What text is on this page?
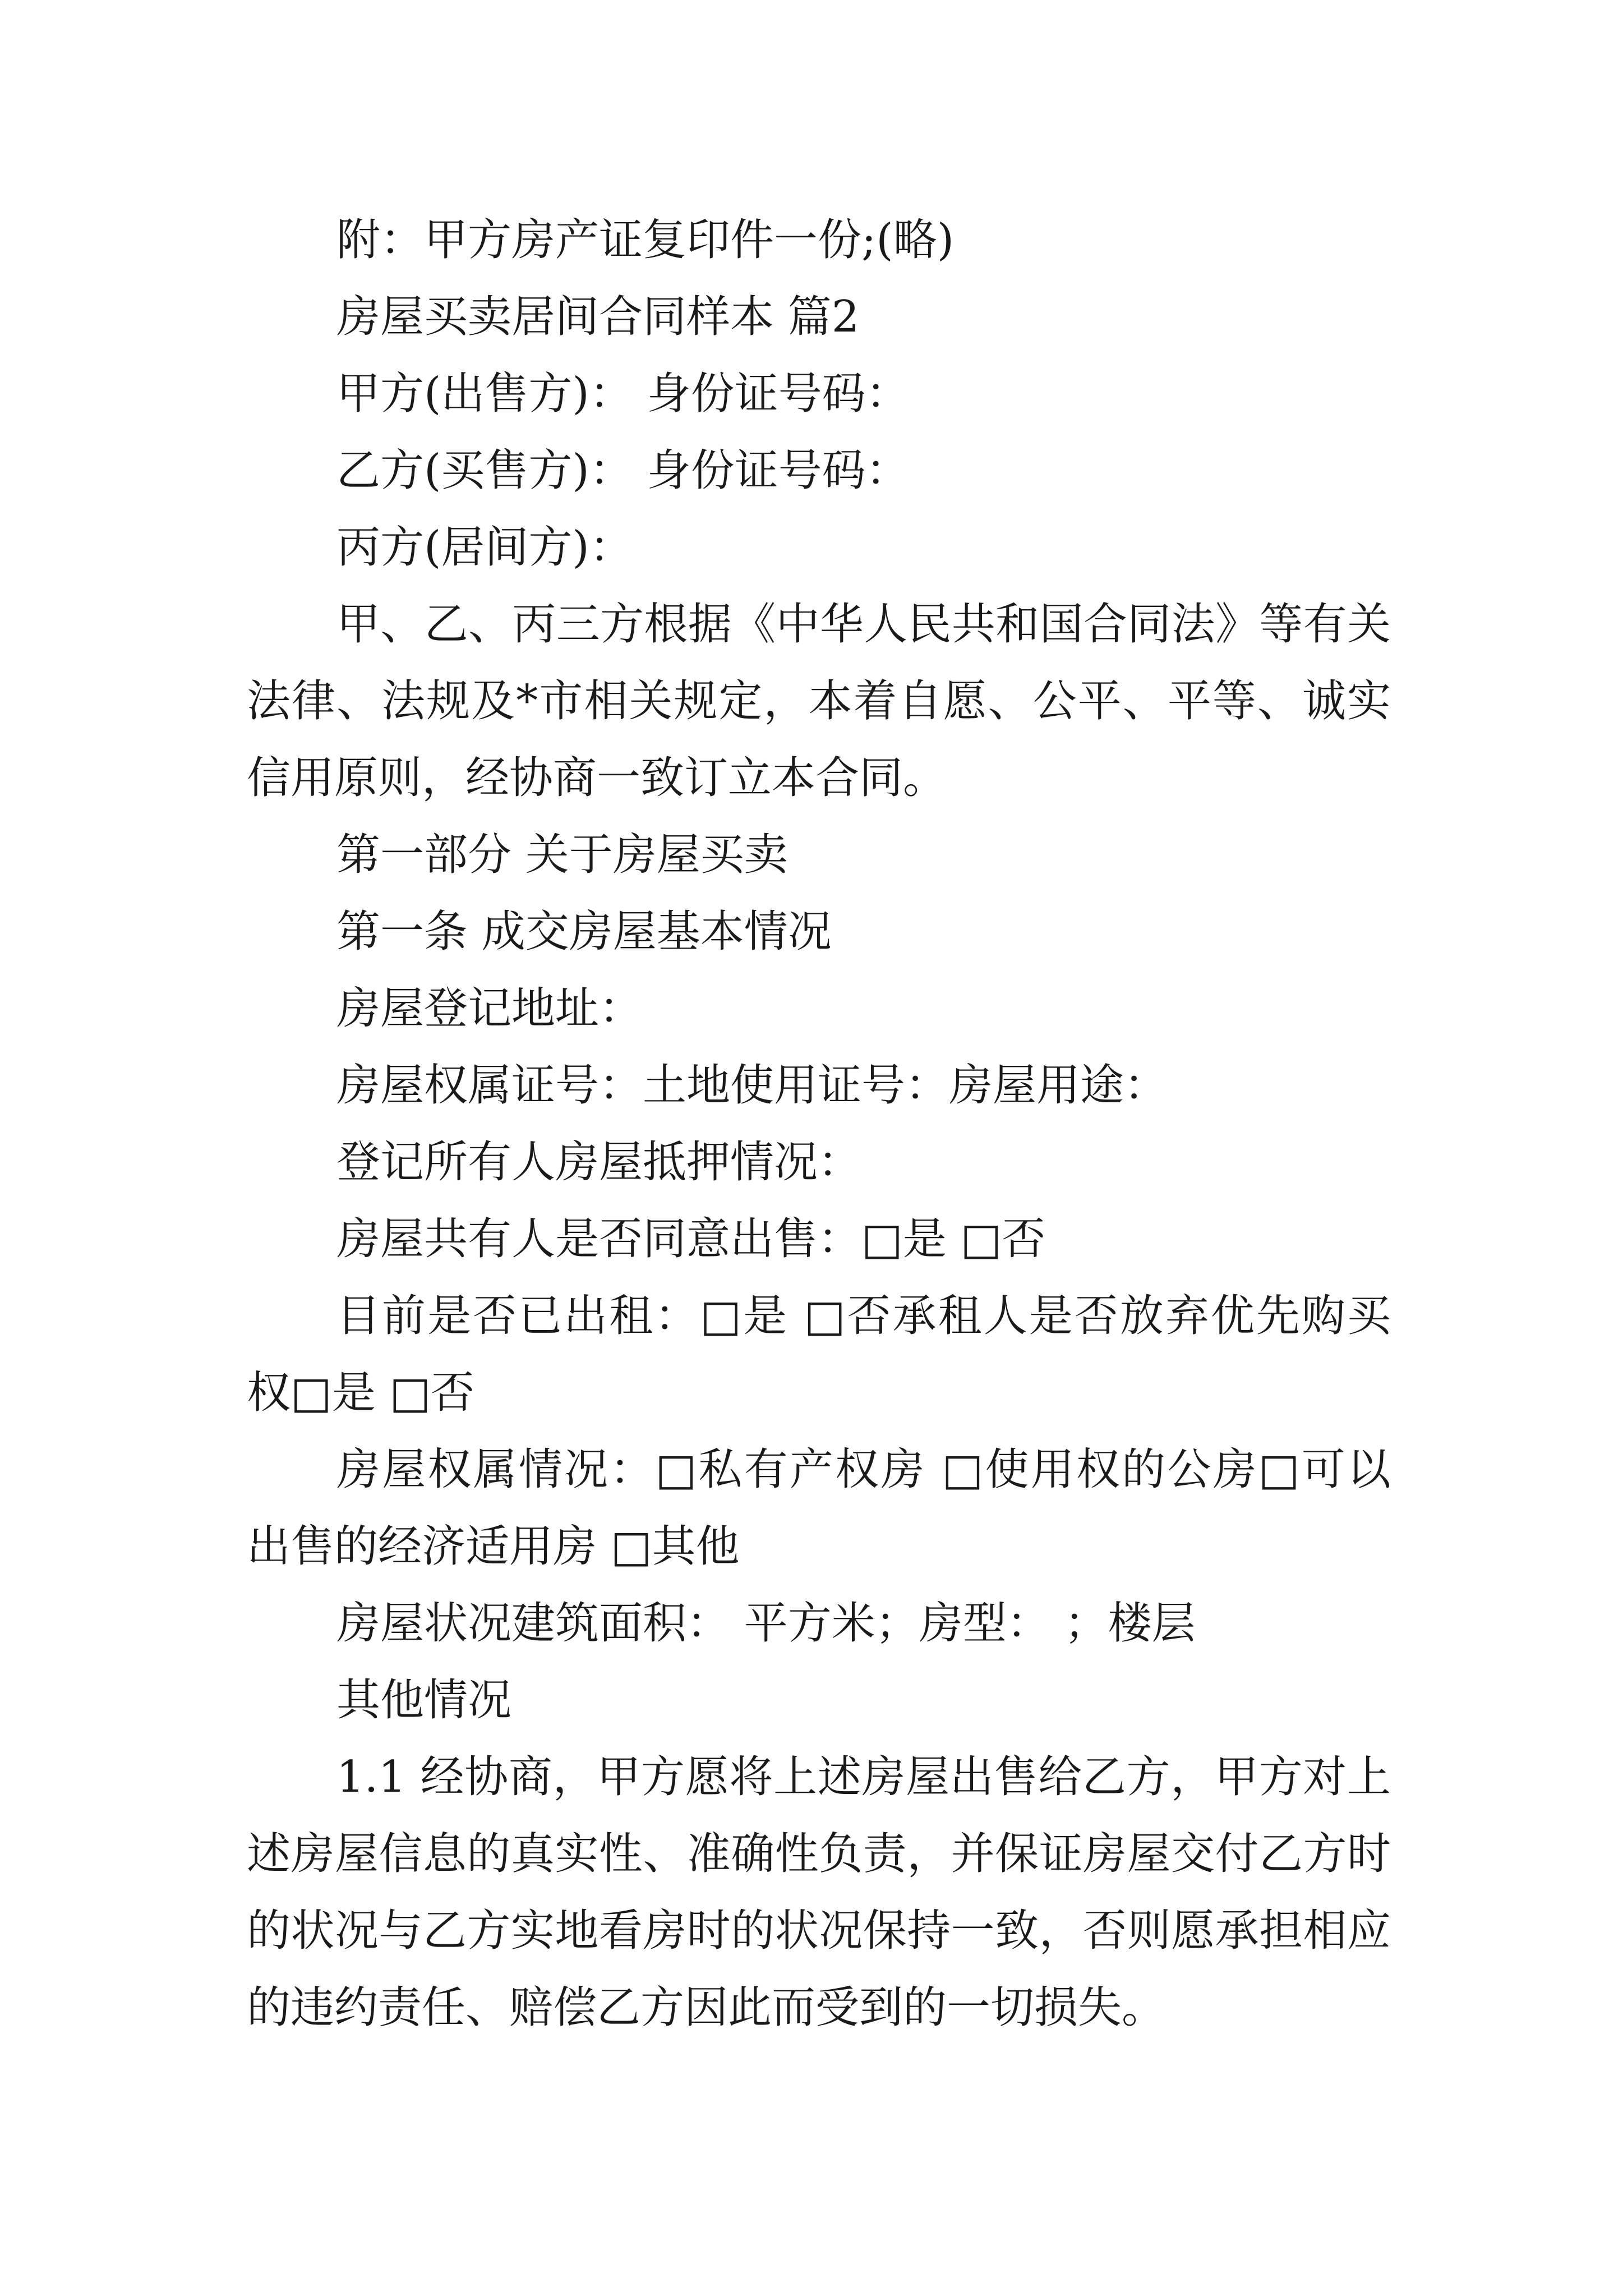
附：甲方房产证复印件一份;(略)

房屋买卖居间合同样本 篇2

甲方(出售方)： 身份证号码：

乙方(买售方)： 身份证号码：

丙方(居间方)：

甲、乙、丙三方根据《中华人民共和国合同法》等有关法律、法规及*市相关规定，本着自愿、公平、平等、诚实信用原则，经协商一致订立本合同。

第一部分 关于房屋买卖

第一条 成交房屋基本情况

房屋登记地址：

房屋权属证号：土地使用证号：房屋用途：

登记所有人房屋抵押情况：

房屋共有人是否同意出售：□是 □否

目前是否已出租：□是 □否承租人是否放弃优先购买权□是 □否

房屋权属情况：□私有产权房 □使用权的公房□可以出售的经济适用房 □其他

房屋状况建筑面积： 平方米；房型： ；楼层

其他情况

1.1 经协商，甲方愿将上述房屋出售给乙方，甲方对上述房屋信息的真实性、准确性负责，并保证房屋交付乙方时的状况与乙方实地看房时的状况保持一致，否则愿承担相应的违约责任、赔偿乙方因此而受到的一切损失。
